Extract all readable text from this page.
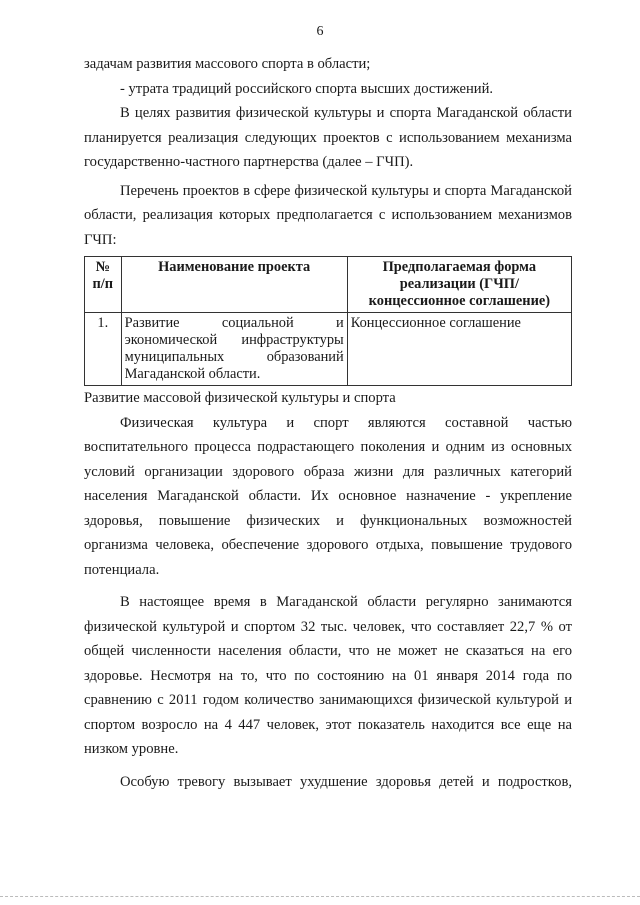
6

задачам развития массового спорта в области;

- утрата традиций российского спорта высших достижений.

В целях развития физической культуры и спорта Магаданской области планируется реализация следующих проектов с использованием механизма государственно-частного партнерства (далее – ГЧП).

Перечень проектов в сфере физической культуры и спорта Магаданской области, реализация которых предполагается с использованием механизмов ГЧП:

№ п/п	Наименование проекта	Предполагаемая форма реализации (ГЧП/ концессионное соглашение)
1.	Развитие социальной и экономической инфраструктуры муниципальных образований Магаданской области.	Концессионное соглашение

Развитие массовой физической культуры и спорта

Физическая культура и спорт являются составной частью воспитательного процесса подрастающего поколения и одним из основных условий организации здорового образа жизни для различных категорий населения Магаданской области. Их основное назначение - укрепление здоровья, повышение физических и функциональных возможностей организма человека, обеспечение здорового отдыха, повышение трудового потенциала.

В настоящее время в Магаданской области регулярно занимаются физической культурой и спортом 32 тыс. человек, что составляет 22,7 % от общей численности населения области, что не может не сказаться на его здоровье. Несмотря на то, что по состоянию на 01 января 2014 года по сравнению с 2011 годом количество занимающихся физической культурой и спортом возросло на 4 447 человек, этот показатель находится все еще на низком уровне.

Особую тревогу вызывает ухудшение здоровья детей и подростков,
